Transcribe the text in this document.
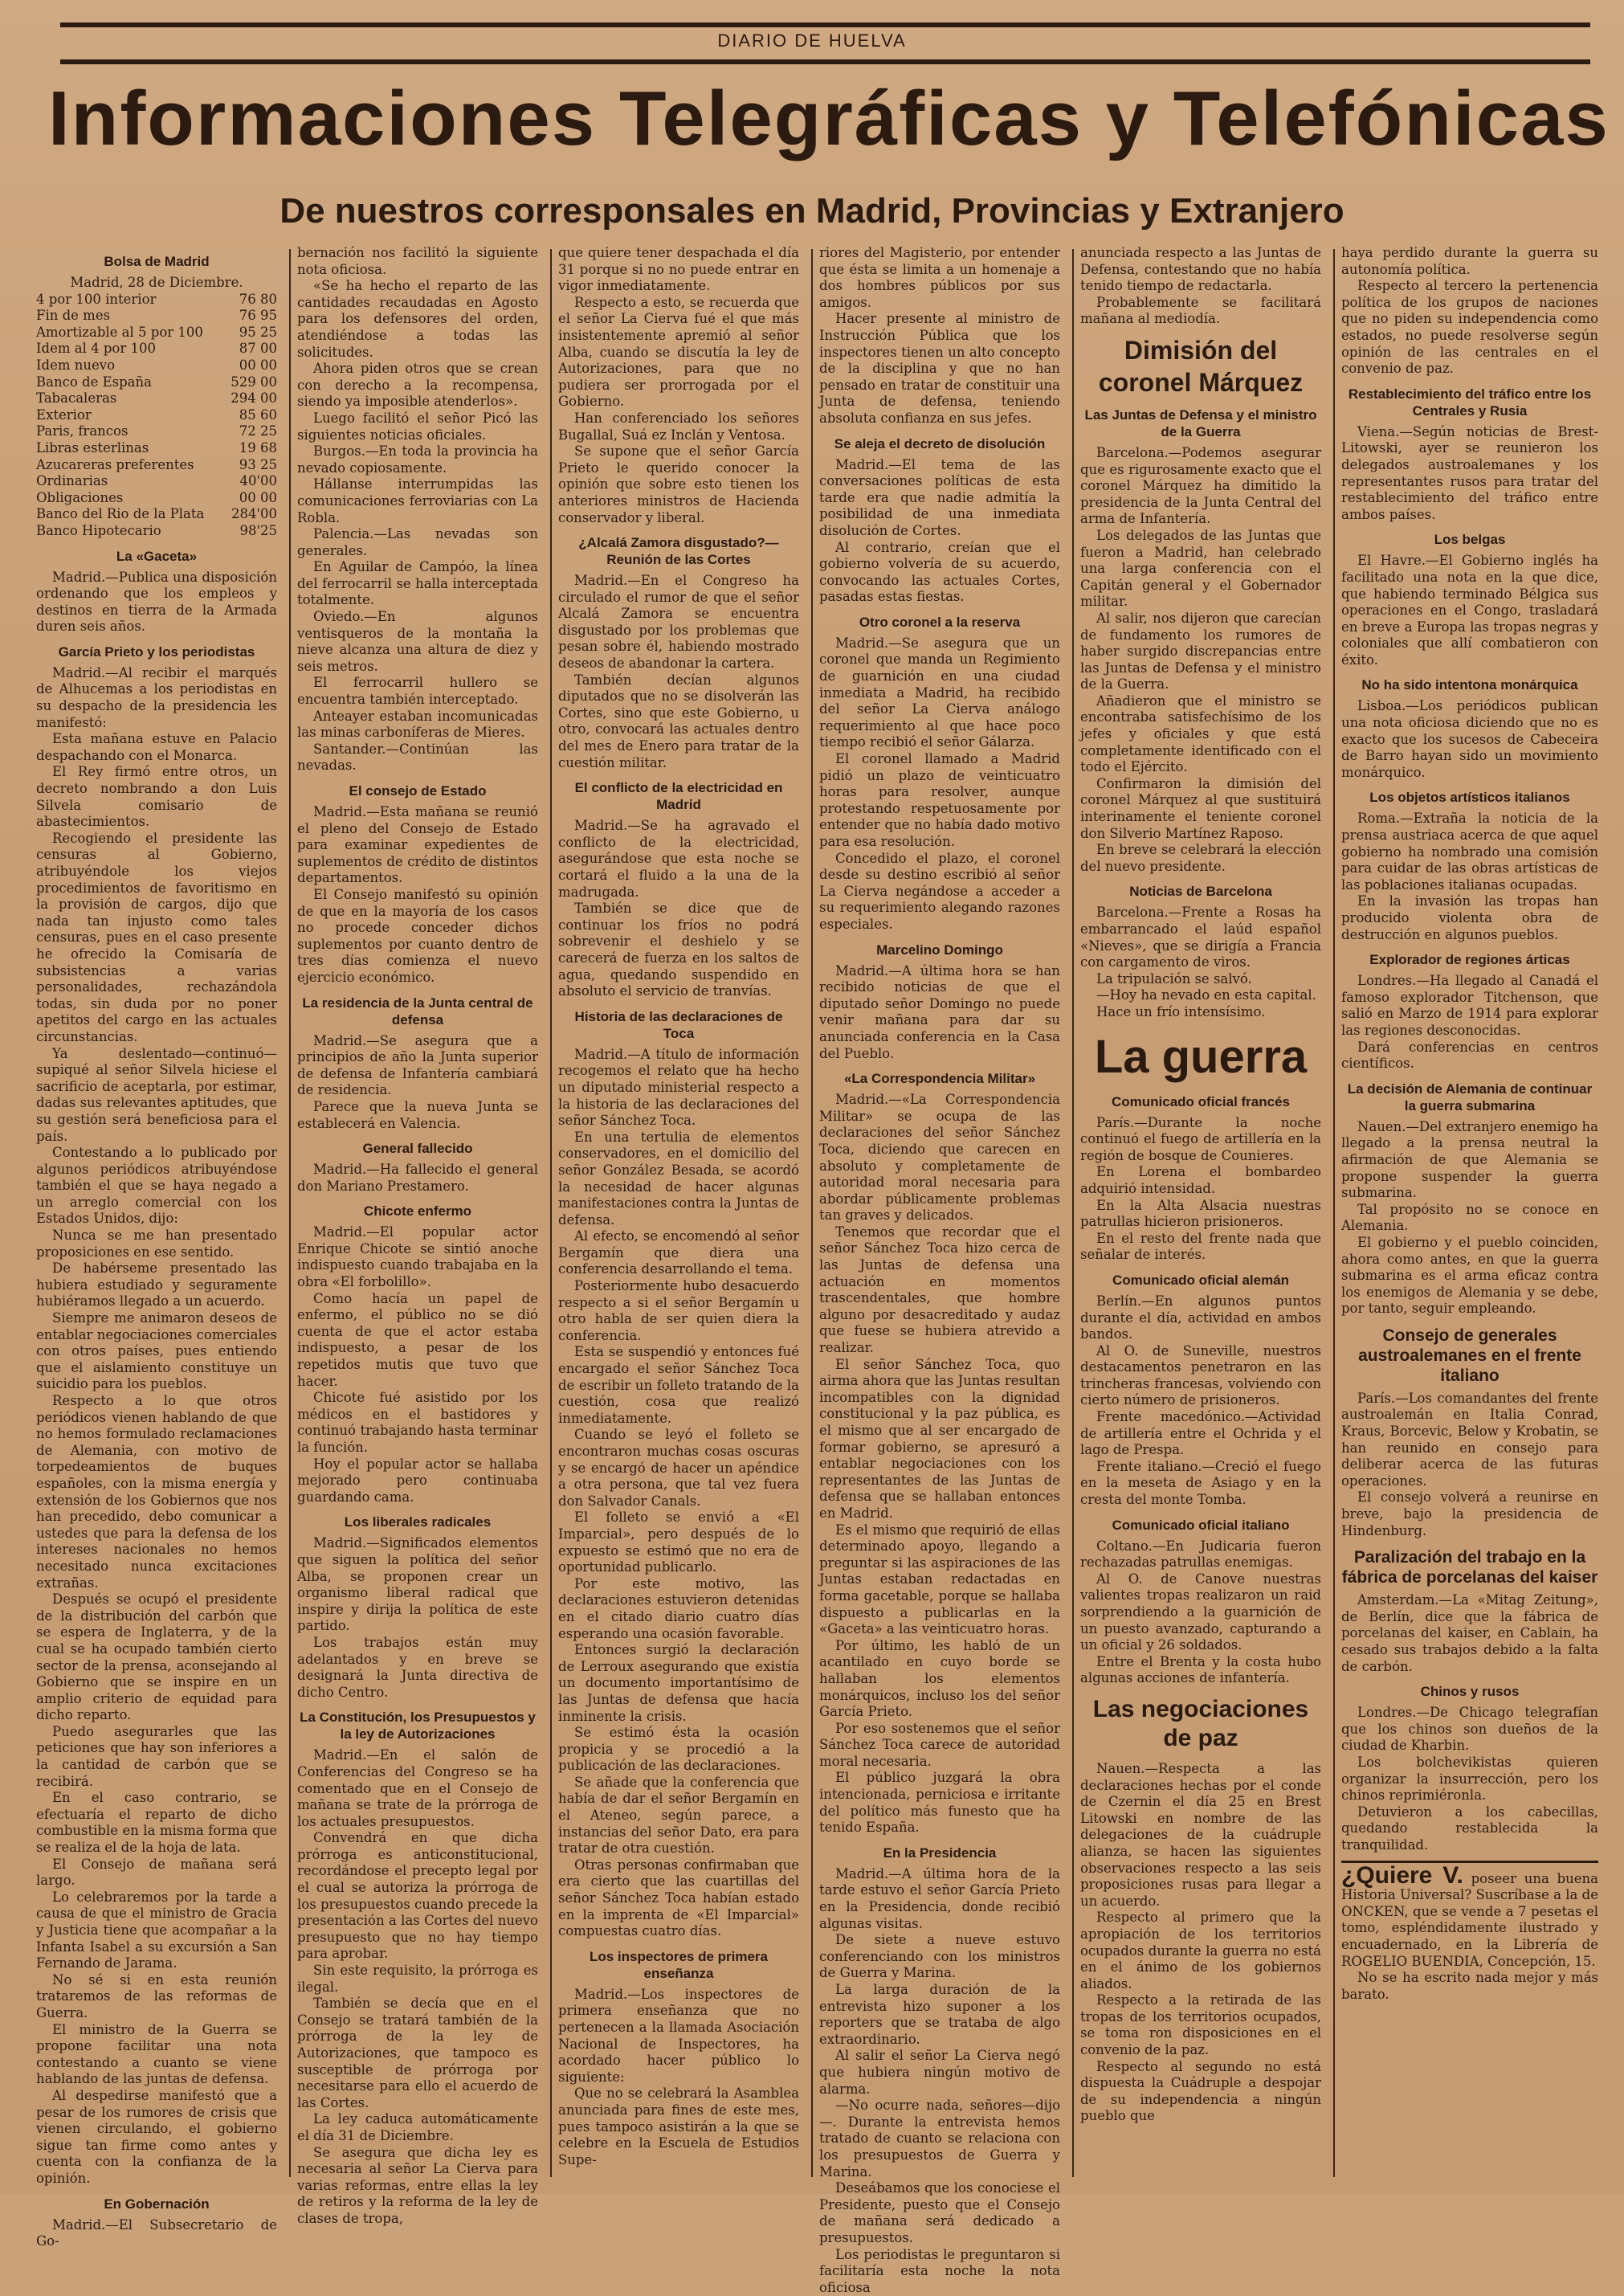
DIARIO DE HUELVA
Informaciones Telegráficas y Telefónicas
De nuestros corresponsales en Madrid, Provincias y Extranjero
Bolsa de Madrid
Madrid, 28 de Diciembre.
4 por 100 interior	76 80
Fin de mes	76 95
Amortizable al 5 por 100	95 25
Idem al 4 por 100	87 00
Idem nuevo	00 00
Banco de España	529 00
Tabacaleras	294 00
Exterior	85 60
Paris, francos	72 25
Libras esterlinas	19 68
Azucareras preferentes	93 25
Ordinarias	40'00
Obligaciones	00 00
Banco del Rio de la Plata	284'00
Banco Hipotecario	98'25
La «Gaceta»

Madrid.—Publica una disposición ordenando que los empleos y destinos en tierra de la Armada duren seis años.

García Prieto y los periodistas

Madrid.—Al recibir el marqués de Alhucemas a los periodistas en su despacho de la presidencia les manifestó:

Esta mañana estuve en Palacio despachando con el Monarca.

El Rey firmó entre otros, un decreto nombrando a don Luis Silvela comisario de abastecimientos.

Recogiendo el presidente las censuras al Gobierno, atribuyéndole los viejos procedimientos de favoritismo en la provisión de cargos, dijo que nada tan injusto como tales censuras, pues en el caso presente he ofrecido la Comisaría de subsistencias a varias personalidades, rechazándola todas, sin duda por no poner apetitos del cargo en las actuales circunstancias.

Ya deslentado—continuó—supiqué al señor Silvela hiciese el sacrificio de aceptarla, por estimar, dadas sus relevantes aptitudes, que su gestión será beneficiosa para el país.

Contestando a lo publicado por algunos periódicos atribuyéndose también el que se haya negado a un arreglo comercial con los Estados Unidos, dijo:

Nunca se me han presentado proposiciones en ese sentido.

De habérseme presentado las hubiera estudiado y seguramente hubiéramos llegado a un acuerdo.

Siempre me animaron deseos de entablar negociaciones comerciales con otros países, pues entiendo que el aislamiento constituye un suicidio para los pueblos.

Respecto a lo que otros periódicos vienen hablando de que no hemos formulado reclamaciones de Alemania, con motivo de torpedeamientos de buques españoles, con la misma energía y extensión de los Gobiernos que nos han precedido, debo comunicar a ustedes que para la defensa de los intereses nacionales no hemos necesitado nunca excitaciones extrañas.

Después se ocupó el presidente de la distribución del carbón que se espera de Inglaterra, y de la cual se ha ocupado también cierto sector de la prensa, aconsejando al Gobierno que se inspire en un amplio criterio de equidad para dicho reparto.

Puedo asegurarles que las peticiones que hay son inferiores a la cantidad de carbón que se recibirá.

En el caso contrario, se efectuaría el reparto de dicho combustible en la misma forma que se realiza el de la hoja de lata.

El Consejo de mañana será largo.

Lo celebraremos por la tarde a causa de que el ministro de Gracia y Justicia tiene que acompañar a la Infanta Isabel a su excursión a San Fernando de Jarama.

No sé si en esta reunión trataremos de las reformas de Guerra.

El ministro de la Guerra se propone facilitar una nota contestando a cuanto se viene hablando de las juntas de defensa.

Al despedirse manifestó que a pesar de los rumores de crisis que vienen circulando, el gobierno sigue tan firme como antes y cuenta con la confianza de la opinión.

En Gobernación

Madrid.—El Subsecretario de Go-

bernación nos facilitó la siguiente nota oficiosa.

«Se ha hecho el reparto de las cantidades recaudadas en Agosto para los defensores del orden, atendiéndose a todas las solicitudes.

Ahora piden otros que se crean con derecho a la recompensa, siendo ya imposible atenderlos».

Luego facilitó el señor Picó las siguientes noticias oficiales.

Burgos.—En toda la provincia ha nevado copiosamente.

Hállanse interrumpidas las comunicaciones ferroviarias con La Robla.

Palencia.—Las nevadas son generales.

En Aguilar de Campóo, la línea del ferrocarril se halla interceptada totalmente.

Oviedo.—En algunos ventisqueros de la montaña la nieve alcanza una altura de diez y seis metros.

El ferrocarril hullero se encuentra también interceptado.

Anteayer estaban incomunicadas las minas carboníferas de Mieres.

Santander.—Continúan las nevadas.

El consejo de Estado

Madrid.—Esta mañana se reunió el pleno del Consejo de Estado para examinar expedientes de suplementos de crédito de distintos departamentos.

El Consejo manifestó su opinión de que en la mayoría de los casos no procede conceder dichos suplementos por cuanto dentro de tres días comienza el nuevo ejercicio económico.

La residencia de la Junta central de defensa

Madrid.—Se asegura que a principios de año la Junta superior de defensa de Infantería cambiará de residencia.

Parece que la nueva Junta se establecerá en Valencia.

General fallecido

Madrid.—Ha fallecido el general don Mariano Prestamero.

Chicote enfermo

Madrid.—El popular actor Enrique Chicote se sintió anoche indispuesto cuando trabajaba en la obra «El forbolillo».

Como hacía un papel de enfermo, el público no se dió cuenta de que el actor estaba indispuesto, a pesar de los repetidos mutis que tuvo que hacer.

Chicote fué asistido por los médicos en el bastidores y continuó trabajando hasta terminar la función.

Hoy el popular actor se hallaba mejorado pero continuaba guardando cama.

Los liberales radicales

Madrid.—Significados elementos que siguen la política del señor Alba, se proponen crear un organismo liberal radical que inspire y dirija la política de este partido.

Los trabajos están muy adelantados y en breve se designará la Junta directiva de dicho Centro.

La Constitución, los Presupuestos y la ley de Autorizaciones

Madrid.—En el salón de Conferencias del Congreso se ha comentado que en el Consejo de mañana se trate de la prórroga de los actuales presupuestos.

Convendrá en que dicha prórroga es anticonstitucional, recordándose el precepto legal por el cual se autoriza la prórroga de los presupuestos cuando precede la presentación a las Cortes del nuevo presupuesto que no hay tiempo para aprobar.

Sin este requisito, la prórroga es ilegal.

También se decía que en el Consejo se tratará también de la prórroga de la ley de Autorizaciones, que tampoco es susceptible de prórroga por necesitarse para ello el acuerdo de las Cortes.

La ley caduca automáticamente el día 31 de Diciembre.

Se asegura que dicha ley es necesaria al señor La Cierva para varias reformas, entre ellas la ley de retiros y la reforma de la ley de clases de tropa,

que quiere tener despachada el día 31 porque si no no puede entrar en vigor inmediatamente.

Respecto a esto, se recuerda que el señor La Cierva fué el que más insistentemente apremió al señor Alba, cuando se discutía la ley de Autorizaciones, para que no pudiera ser prorrogada por el Gobierno.

Han conferenciado los señores Bugallal, Suá ez Inclán y Ventosa.

Se supone que el señor García Prieto le querido conocer la opinión que sobre esto tienen los anteriores ministros de Hacienda conservador y liberal.

¿Alcalá Zamora disgustado?—Reunión de las Cortes

Madrid.—En el Congreso ha circulado el rumor de que el señor Alcalá Zamora se encuentra disgustado por los problemas que pesan sobre él, habiendo mostrado deseos de abandonar la cartera.

También decían algunos diputados que no se disolverán las Cortes, sino que este Gobierno, u otro, convocará las actuales dentro del mes de Enero para tratar de la cuestión militar.

El conflicto de la electricidad en Madrid

Madrid.—Se ha agravado el conflicto de la electricidad, asegurándose que esta noche se cortará el fluido a la una de la madrugada.

También se dice que de continuar los fríos no podrá sobrevenir el deshielo y se carecerá de fuerza en los saltos de agua, quedando suspendido en absoluto el servicio de tranvías.

Historia de las declaraciones de Toca

Madrid.—A título de información recogemos el relato que ha hecho un diputado ministerial respecto a la historia de las declaraciones del señor Sánchez Toca.

En una tertulia de elementos conservadores, en el domicilio del señor González Besada, se acordó la necesidad de hacer algunas manifestaciones contra la Juntas de defensa.

Al efecto, se encomendó al señor Bergamín que diera una conferencia desarrollando el tema.

Posteriormente hubo desacuerdo respecto a si el señor Bergamín u otro habla de ser quien diera la conferencia.

Esta se suspendió y entonces fué encargado el señor Sánchez Toca de escribir un folleto tratando de la cuestión, cosa que realizó inmediatamente.

Cuando se leyó el folleto se encontraron muchas cosas oscuras y se encargó de hacer un apéndice a otra persona, que tal vez fuera don Salvador Canals.

El folleto se envió a «El Imparcial», pero después de lo expuesto se estimó que no era de oportunidad publicarlo.

Por este motivo, las declaraciones estuvieron detenidas en el citado diario cuatro días esperando una ocasión favorable.

Entonces surgió la declaración de Lerroux asegurando que existía un documento importantísimo de las Juntas de defensa que hacía inminente la crisis.

Se estimó ésta la ocasión propicia y se procedió a la publicación de las declaraciones.

Se añade que la conferencia que había de dar el señor Bergamín en el Ateneo, según parece, a instancias del señor Dato, era para tratar de otra cuestión.

Otras personas confirmaban que era cierto que las cuartillas del señor Sánchez Toca habían estado en la imprenta de «El Imparcial» compuestas cuatro días.

Los inspectores de primera enseñanza

Madrid.—Los inspectores de primera enseñanza que no pertenecen a la llamada Asociación Nacional de Inspectores, ha acordado hacer público lo siguiente:

Que no se celebrará la Asamblea anunciada para fines de este mes, pues tampoco asistirán a la que se celebre en la Escuela de Estudios Supe-

riores del Magisterio, por entender que ésta se limita a un homenaje a dos hombres públicos por sus amigos.

Hacer presente al ministro de Instrucción Pública que los inspectores tienen un alto concepto de la disciplina y que no han pensado en tratar de constituir una Junta de defensa, teniendo absoluta confianza en sus jefes.

Se aleja el decreto de disolución

Madrid.—El tema de las conversaciones políticas de esta tarde era que nadie admitía la posibilidad de una inmediata disolución de Cortes.

Al contrario, creían que el gobierno volvería de su acuerdo, convocando las actuales Cortes, pasadas estas fiestas.

Otro coronel a la reserva

Madrid.—Se asegura que un coronel que manda un Regimiento de guarnición en una ciudad inmediata a Madrid, ha recibido del señor La Cierva análogo requerimiento al que hace poco tiempo recibió el señor Gálarza.

El coronel llamado a Madrid pidió un plazo de veinticuatro horas para resolver, aunque protestando respetuosamente por entender que no había dado motivo para esa resolución.

Concedido el plazo, el coronel desde su destino escribió al señor La Cierva negándose a acceder a su requerimiento alegando razones especiales.

Marcelino Domingo

Madrid.—A última hora se han recibido noticias de que el diputado señor Domingo no puede venir mañana para dar su anunciada conferencia en la Casa del Pueblo.

«La Correspondencia Militar»

Madrid.—«La Correspondencia Militar» se ocupa de las declaraciones del señor Sánchez Toca, diciendo que carecen en absoluto y completamente de autoridad moral necesaria para abordar públicamente problemas tan graves y delicados.

Tenemos que recordar que el señor Sánchez Toca hizo cerca de las Juntas de defensa una actuación en momentos trascendentales, que hombre alguno por desacreditado y audaz que fuese se hubiera atrevido a realizar.

El señor Sánchez Toca, quo airma ahora que las Juntas resultan incompatibles con la dignidad constitucional y la paz pública, es el mismo que al ser encargado de formar gobierno, se apresuró a entablar negociaciones con los representantes de las Juntas de defensa que se hallaban entonces en Madrid.

Es el mismo que requirió de ellas determinado apoyo, llegando a preguntar si las aspiraciones de las Juntas estaban redactadas en forma gacetable, porque se hallaba dispuesto a publicarlas en la «Gaceta» a las veinticuatro horas.

Por último, les habló de un acantilado en cuyo borde se hallaban los elementos monárquicos, incluso los del señor García Prieto.

Por eso sostenemos que el señor Sánchez Toca carece de autoridad moral necesaria.

El público juzgará la obra intencionada, perniciosa e irritante del político más funesto que ha tenido España.

En la Presidencia

Madrid.—A última hora de la tarde estuvo el señor García Prieto en la Presidencia, donde recibió algunas visitas.

De siete a nueve estuvo conferenciando con los ministros de Guerra y Marina.

La larga duración de la entrevista hizo suponer a los reporters que se trataba de algo extraordinario.

Al salir el señor La Cierva negó que hubiera ningún motivo de alarma.

—No ocurre nada, señores—dijo—. Durante la entrevista hemos tratado de cuanto se relaciona con los presupuestos de Guerra y Marina.

Deseábamos que los conociese el Presidente, puesto que el Consejo de mañana será dedicado a presupuestos.

Los periodistas le preguntaron si facilitaría esta noche la nota oficiosa

anunciada respecto a las Juntas de Defensa, contestando que no había tenido tiempo de redactarla.

Probablemente se facilitará mañana al mediodía.

Dimisión del coronel Márquez
Las Juntas de Defensa y el ministro de la Guerra

Barcelona.—Podemos asegurar que es rigurosamente exacto que el coronel Márquez ha dimitido la presidencia de la Junta Central del arma de Infantería.

Los delegados de las Juntas que fueron a Madrid, han celebrado una larga conferencia con el Capitán general y el Gobernador militar.

Al salir, nos dijeron que carecían de fundamento los rumores de haber surgido discrepancias entre las Juntas de Defensa y el ministro de la Guerra.

Añadieron que el ministro se encontraba satisfechísimo de los jefes y oficiales y que está completamente identificado con el todo el Ejército.

Confirmaron la dimisión del coronel Márquez al que sustituirá interinamente el teniente coronel don Silverio Martínez Raposo.

En breve se celebrará la elección del nuevo presidente.

Noticias de Barcelona

Barcelona.—Frente a Rosas ha embarrancado el laúd español «Nieves», que se dirigía a Francia con cargamento de viros.

La tripulación se salvó.

—Hoy ha nevado en esta capital.

Hace un frío intensísimo.

La guerra
Comunicado oficial francés

París.—Durante la noche continuó el fuego de artillería en la región de bosque de Counieres.

En Lorena el bombardeo adquirió intensidad.

En la Alta Alsacia nuestras patrullas hicieron prisioneros.

En el resto del frente nada que señalar de interés.

Comunicado oficial alemán

Berlín.—En algunos puntos durante el día, actividad en ambos bandos.

Al O. de Suneville, nuestros destacamentos penetraron en las trincheras francesas, volviendo con cierto número de prisioneros.

Frente macedónico.—Actividad de artillería entre el Ochrida y el lago de Prespa.

Frente italiano.—Creció el fuego en la meseta de Asiago y en la cresta del monte Tomba.

Comunicado oficial italiano

Coltano.—En Judicaria fueron rechazadas patrullas enemigas.

Al O. de Canove nuestras valientes tropas realizaron un raid sorprendiendo a la guarnición de un puesto avanzado, capturando a un oficial y 26 soldados.

Entre el Brenta y la costa hubo algunas acciones de infantería.

Las negociaciones de paz

Nauen.—Respecta a las declaraciones hechas por el conde de Czernin el día 25 en Brest Litowski en nombre de las delegaciones de la cuádruple alianza, se hacen las siguientes observaciones respecto a las seis proposiciones rusas para llegar a un acuerdo.

Respecto al primero que la apropiación de los territorios ocupados durante la guerra no está en el ánimo de los gobiernos aliados.

Respecto a la retirada de las tropas de los territorios ocupados, se toma ron disposiciones en el convenio de la paz.

Respecto al segundo no está dispuesta la Cuádruple a despojar de su independencia a ningún pueblo que

haya perdido durante la guerra su autonomía política.

Respecto al tercero la pertenencia política de los grupos de naciones que no piden su independencia como estados, no puede resolverse según opinión de las centrales en el convenio de paz.

Restablecimiento del tráfico entre los Centrales y Rusia

Viena.—Según noticias de Brest-Litowski, ayer se reunieron los delegados austroalemanes y los representantes rusos para tratar del restablecimiento del tráfico entre ambos países.

Los belgas

El Havre.—El Gobierno inglés ha facilitado una nota en la que dice, que habiendo terminado Bélgica sus operaciones en el Congo, trasladará en breve a Europa las tropas negras y coloniales que allí combatieron con éxito.

No ha sido intentona monárquica

Lisboa.—Los periódicos publican una nota oficiosa diciendo que no es exacto que los sucesos de Cabeceira de Barro hayan sido un movimiento monárquico.

Los objetos artísticos italianos

Roma.—Extraña la noticia de la prensa austriaca acerca de que aquel gobierno ha nombrado una comisión para cuidar de las obras artísticas de las poblaciones italianas ocupadas.

En la invasión las tropas han producido violenta obra de destrucción en algunos pueblos.

Explorador de regiones árticas

Londres.—Ha llegado al Canadá el famoso explorador Titchenson, que salió en Marzo de 1914 para explorar las regiones desconocidas.

Dará conferencias en centros científicos.

La decisión de Alemania de continuar la guerra submarina

Nauen.—Del extranjero enemigo ha llegado a la prensa neutral la afirmación de que Alemania se propone suspender la guerra submarina.

Tal propósito no se conoce en Alemania.

El gobierno y el pueblo coinciden, ahora como antes, en que la guerra submarina es el arma eficaz contra los enemigos de Alemania y se debe, por tanto, seguir empleando.

Consejo de generales austroalemanes en el frente italiano

París.—Los comandantes del frente austroalemán en Italia Conrad, Kraus, Borcevic, Below y Krobatin, se han reunido en consejo para deliberar acerca de las futuras operaciones.

El consejo volverá a reunirse en breve, bajo la presidencia de Hindenburg.

Paralización del trabajo en la fábrica de porcelanas del kaiser

Amsterdam.—La «Mitag Zeitung», de Berlín, dice que la fábrica de porcelanas del kaiser, en Cablain, ha cesado sus trabajos debido a la falta de carbón.

Chinos y rusos

Londres.—De Chicago telegrafían que los chinos son dueños de la ciudad de Kharbin.

Los bolchevikistas quieren organizar la insurrección, pero los chinos reprimiéronla.

Detuvieron a los cabecillas, quedando restablecida la tranquilidad.

¿Quiere V. poseer una buena Historia Universal? Suscríbase a la de ONCKEN, que se vende a 7 pesetas el tomo, espléndidamente ilustrado y encuadernado, en la Librería de ROGELIO BUENDIA, Concepción, 15.

No se ha escrito nada mejor y más barato.
